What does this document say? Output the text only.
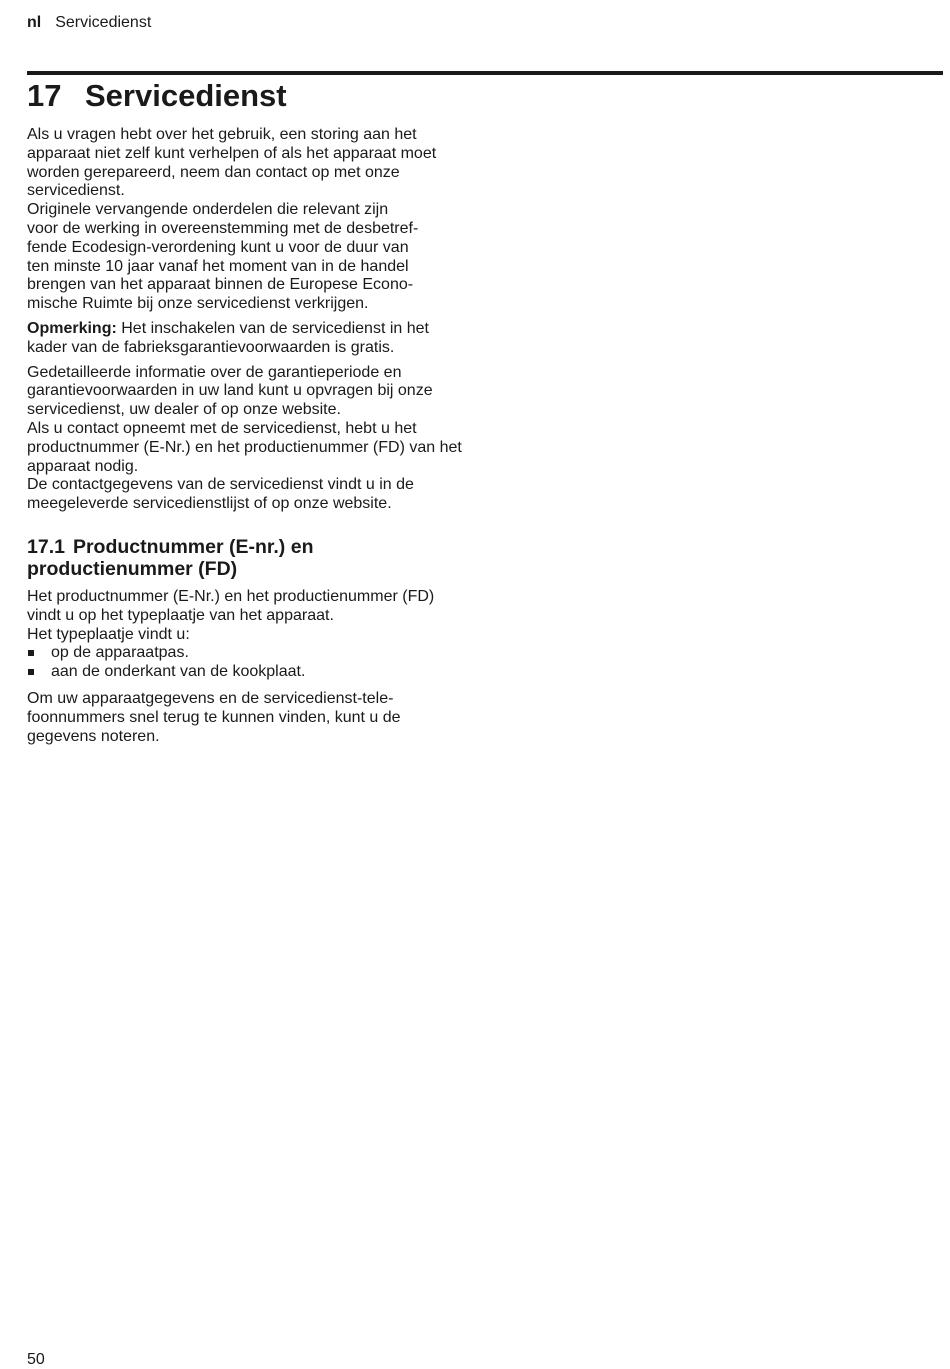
nl Servicedienst
17 Servicedienst

Als u vragen hebt over het gebruik, een storing aan het apparaat niet zelf kunt verhelpen of als het apparaat moet worden gerepareerd, neem dan contact op met onze servicedienst.

Originele vervangende onderdelen die relevant zijn
voor de werking in overeenstemming met de desbetref-
fende Ecodesign-verordening kunt u voor de duur van
ten minste 10 jaar vanaf het moment van in de handel
brengen van het apparaat binnen de Europese Econo-
mische Ruimte bij onze servicedienst verkrijgen.

Opmerking: Het inschakelen van de servicedienst in het kader van de fabrieksgarantievoorwaarden is gratis.

Gedetailleerde informatie over de garantieperiode en garantievoorwaarden in uw land kunt u opvragen bij onze servicedienst, uw dealer of op onze website.

Als u contact opneemt met de servicedienst, hebt u het productnummer (E-Nr.) en het productienummer (FD) van het apparaat nodig.

De contactgegevens van de servicedienst vindt u in de meegeleverde servicedienstlijst of op onze website.

17.1 Productnummer (E-nr.) en productienummer (FD)

Het productnummer (E-Nr.) en het productienummer (FD) vindt u op het typeplaatje van het apparaat.

Het typeplaatje vindt u:

op de apparaatpas.
aan de onderkant van de kookplaat.

Om uw apparaatgegevens en de servicedienst-tele-
foonnummers snel terug te kunnen vinden, kunt u de
gegevens noteren.

50
